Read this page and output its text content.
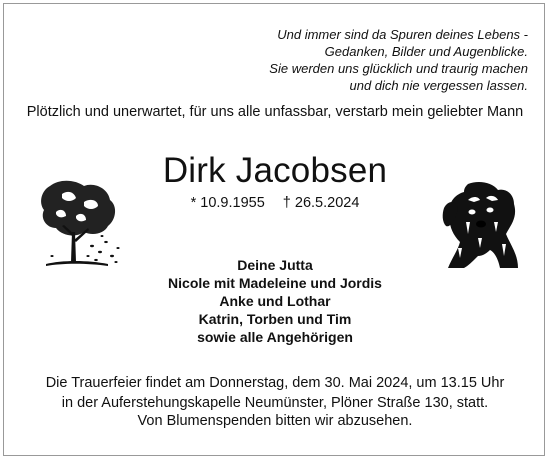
Und immer sind da Spuren deines Lebens -
Gedanken, Bilder und Augenblicke.
Sie werden uns glücklich und traurig machen
und dich nie vergessen lassen.
Plötzlich und unerwartet, für uns alle unfassbar, verstarb mein geliebter Mann
Dirk Jacobsen
* 10.9.1955 † 26.5.2024
Deine Jutta
Nicole mit Madeleine und Jordis
Anke und Lothar
Katrin, Torben und Tim
sowie alle Angehörigen
Die Trauerfeier findet am Donnerstag, dem 30. Mai 2024, um 13.15 Uhr
in der Auferstehungskapelle Neumünster, Plöner Straße 130, statt.
Von Blumenspenden bitten wir abzusehen.
